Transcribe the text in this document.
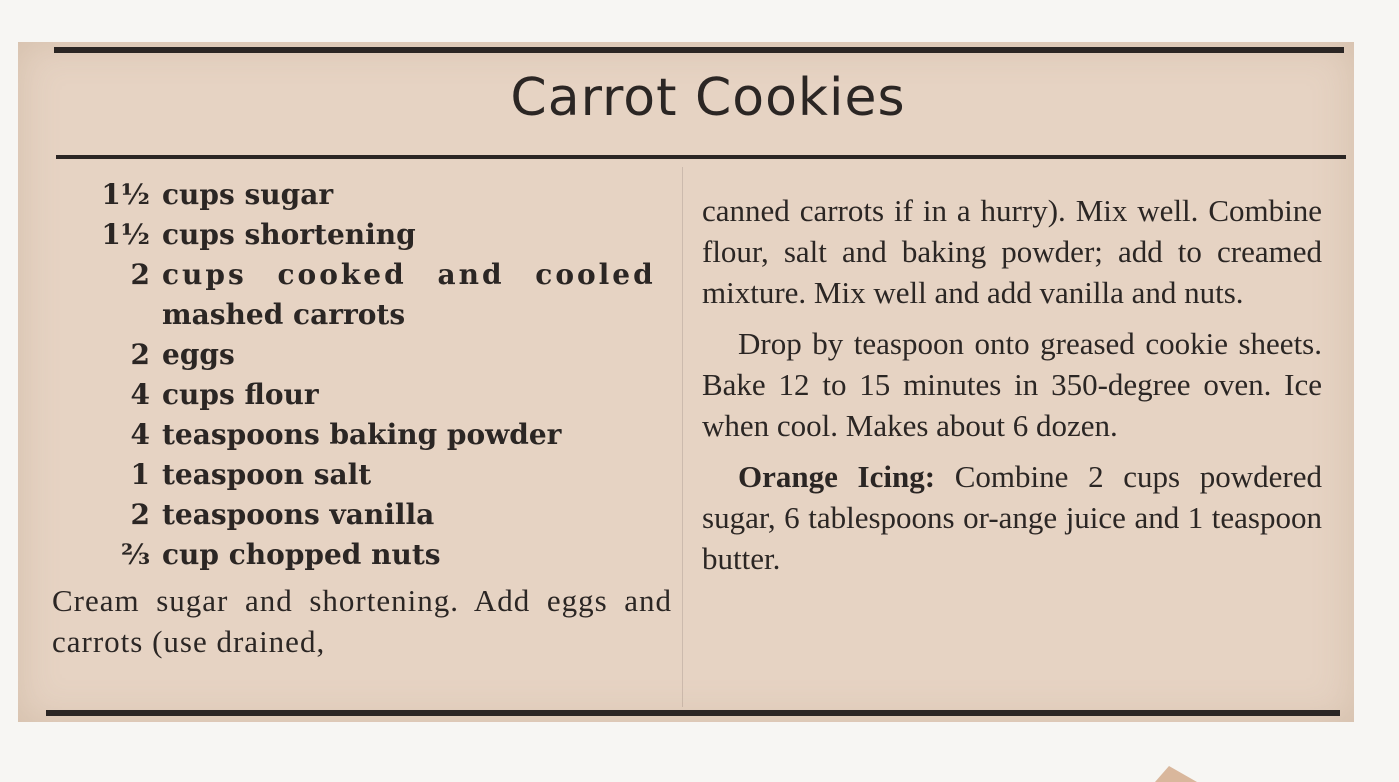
Carrot Cookies
1½ cups sugar
1½ cups shortening
2 cups cooked and cooled
mashed carrots
2 eggs
4 cups flour
4 teaspoons baking powder
1 teaspoon salt
2 teaspoons vanilla
⅔ cup chopped nuts
Cream sugar and shortening. Add eggs and carrots (use drained,
canned carrots if in a hurry). Mix well. Combine flour, salt and baking powder; add to creamed mixture. Mix well and add vanilla and nuts.
Drop by teaspoon onto greased cookie sheets. Bake 12 to 15 minutes in 350-degree oven. Ice when cool. Makes about 6 dozen.
Orange Icing: Combine 2 cups powdered sugar, 6 tablespoons or-ange juice and 1 teaspoon butter.
